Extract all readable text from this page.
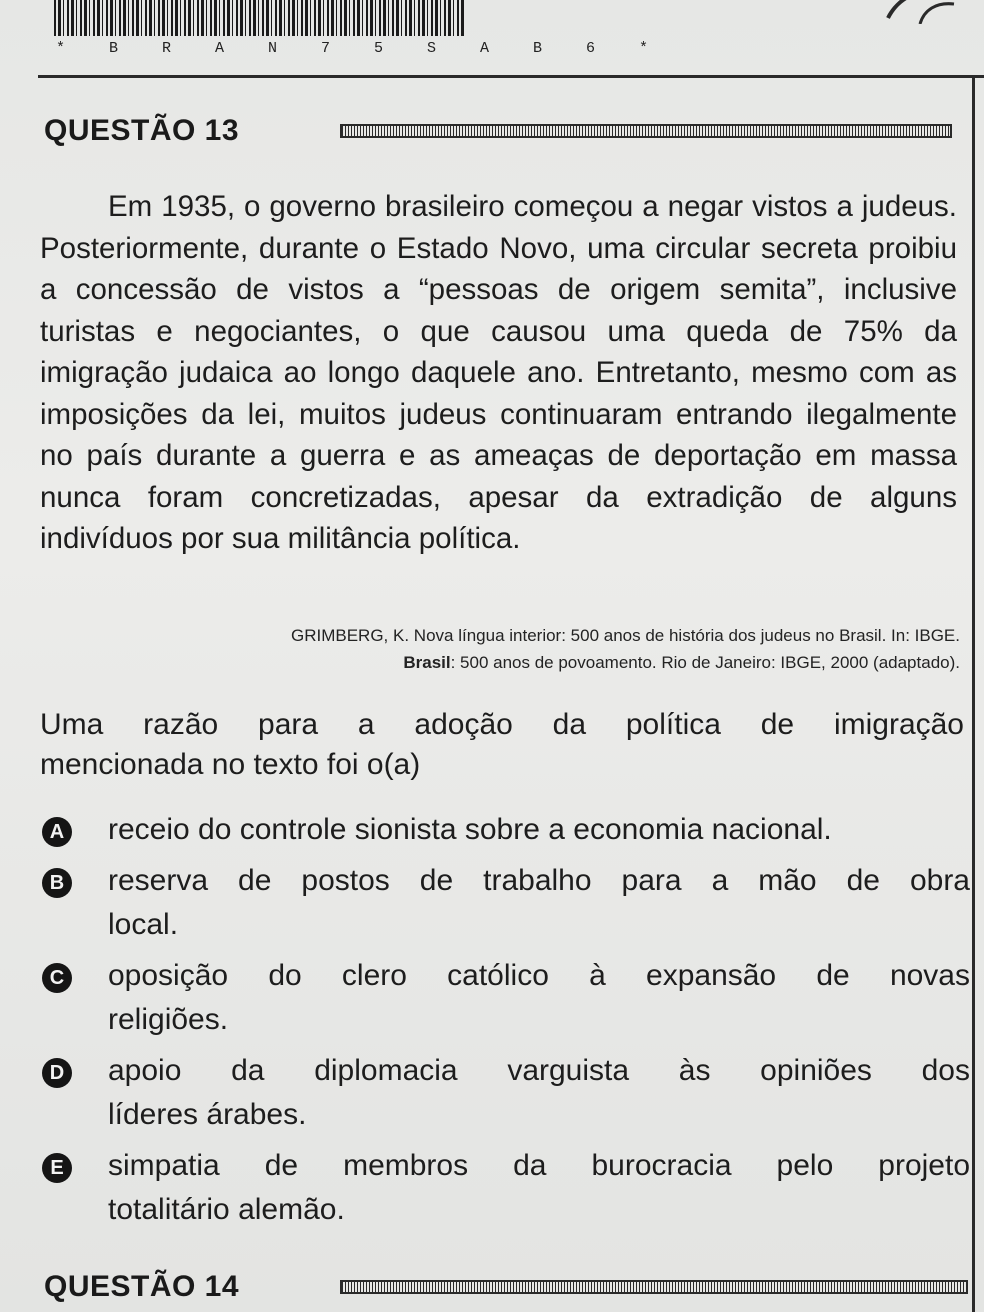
* B R A N 7 5 S A B 6 *
QUESTÃO 13

Em 1935, o governo brasileiro começou a negar vistos a judeus. Posteriormente, durante o Estado Novo, uma circular secreta proibiu a concessão de vistos a “pessoas de origem semita”, inclusive turistas e negociantes, o que causou uma queda de 75% da imigração judaica ao longo daquele ano. Entretanto, mesmo com as imposições da lei, muitos judeus continuaram entrando ilegalmente no país durante a guerra e as ameaças de deportação em massa nunca foram concretizadas, apesar da extradição de alguns indivíduos por sua militância política.

GRIMBERG, K. Nova língua interior: 500 anos de história dos judeus no Brasil. In: IBGE.
Brasil: 500 anos de povoamento. Rio de Janeiro: IBGE, 2000 (adaptado).
Uma razão para a adoção da política de imigração
mencionada no texto foi o(a)
A receio do controle sionista sobre a economia nacional.
B reserva de postos de trabalho para a mão de obra
local.
C oposição do clero católico à expansão de novas
religiões.
D apoio da diplomacia varguista às opiniões dos
líderes árabes.
E simpatia de membros da burocracia pelo projeto
totalitário alemão.
QUESTÃO 14
